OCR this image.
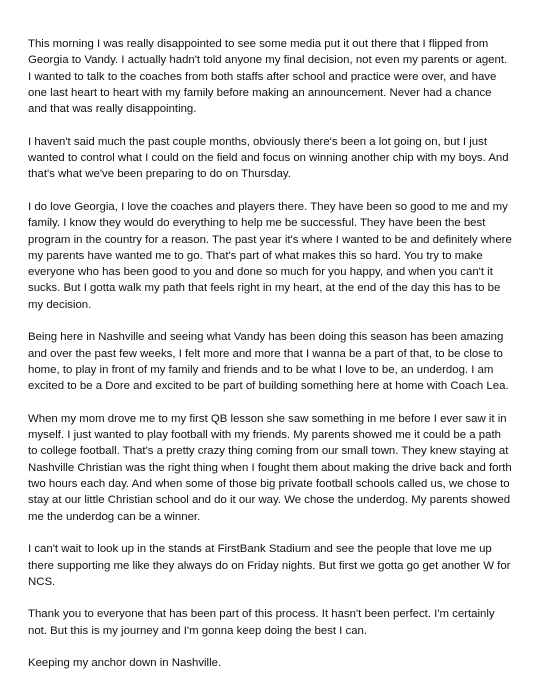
This morning I was really disappointed to see some media put it out there that I flipped from
Georgia to Vandy. I actually hadn't told anyone my final decision, not even my parents or agent.
I wanted to talk to the coaches from both staffs after school and practice were over, and have
one last heart to heart with my family before making an announcement. Never had a chance
and that was really disappointing.

I haven't said much the past couple months, obviously there's been a lot going on, but I just
wanted to control what I could on the field and focus on winning another chip with my boys. And
that's what we've been preparing to do on Thursday.

I do love Georgia, I love the coaches and players there. They have been so good to me and my
family. I know they would do everything to help me be successful. They have been the best
program in the country for a reason. The past year it's where I wanted to be and definitely where
my parents have wanted me to go. That's part of what makes this so hard. You try to make
everyone who has been good to you and done so much for you happy, and when you can't it
sucks. But I gotta walk my path that feels right in my heart, at the end of the day this has to be
my decision.

Being here in Nashville and seeing what Vandy has been doing this season has been amazing
and over the past few weeks, I felt more and more that I wanna be a part of that, to be close to
home, to play in front of my family and friends and to be what I love to be, an underdog. I am
excited to be a Dore and excited to be part of building something here at home with Coach Lea.

When my mom drove me to my first QB lesson she saw something in me before I ever saw it in
myself. I just wanted to play football with my friends. My parents showed me it could be a path
to college football. That's a pretty crazy thing coming from our small town. They knew staying at
Nashville Christian was the right thing when I fought them about making the drive back and forth
two hours each day. And when some of those big private football schools called us, we chose to
stay at our little Christian school and do it our way. We chose the underdog. My parents showed
me the underdog can be a winner.

I can't wait to look up in the stands at FirstBank Stadium and see the people that love me up
there supporting me like they always do on Friday nights. But first we gotta go get another W for
NCS.

Thank you to everyone that has been part of this process. It hasn't been perfect. I'm certainly
not. But this is my journey and I'm gonna keep doing the best I can.

Keeping my anchor down in Nashville.
